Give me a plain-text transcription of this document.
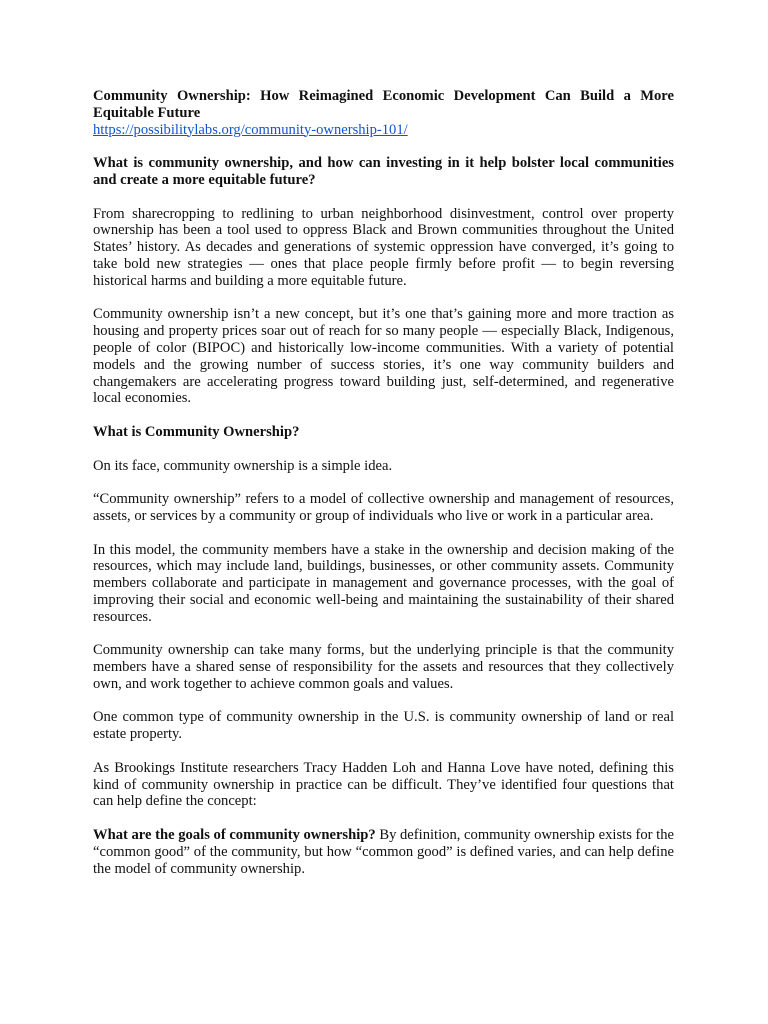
Community Ownership: How Reimagined Economic Development Can Build a More Equitable Future

https://possibilitylabs.org/community-ownership-101/

What is community ownership, and how can investing in it help bolster local communities and create a more equitable future?

From sharecropping to redlining to urban neighborhood disinvestment, control over property ownership has been a tool used to oppress Black and Brown communities throughout the United States’ history. As decades and generations of systemic oppression have converged, it’s going to take bold new strategies — ones that place people firmly before profit — to begin reversing historical harms and building a more equitable future.

Community ownership isn’t a new concept, but it’s one that’s gaining more and more traction as housing and property prices soar out of reach for so many people — especially Black, Indigenous, people of color (BIPOC) and historically low-income communities. With a variety of potential models and the growing number of success stories, it’s one way community builders and changemakers are accelerating progress toward building just, self-determined, and regenerative local economies.

What is Community Ownership?

On its face, community ownership is a simple idea.

“Community ownership” refers to a model of collective ownership and management of resources, assets, or services by a community or group of individuals who live or work in a particular area.

In this model, the community members have a stake in the ownership and decision making of the resources, which may include land, buildings, businesses, or other community assets. Community members collaborate and participate in management and governance processes, with the goal of improving their social and economic well-being and maintaining the sustainability of their shared resources.

Community ownership can take many forms, but the underlying principle is that the community members have a shared sense of responsibility for the assets and resources that they collectively own, and work together to achieve common goals and values.

One common type of community ownership in the U.S. is community ownership of land or real estate property.

As Brookings Institute researchers Tracy Hadden Loh and Hanna Love have noted, defining this kind of community ownership in practice can be difficult. They’ve identified four questions that can help define the concept:

What are the goals of community ownership? By definition, community ownership exists for the “common good” of the community, but how “common good” is defined varies, and can help define the model of community ownership.
